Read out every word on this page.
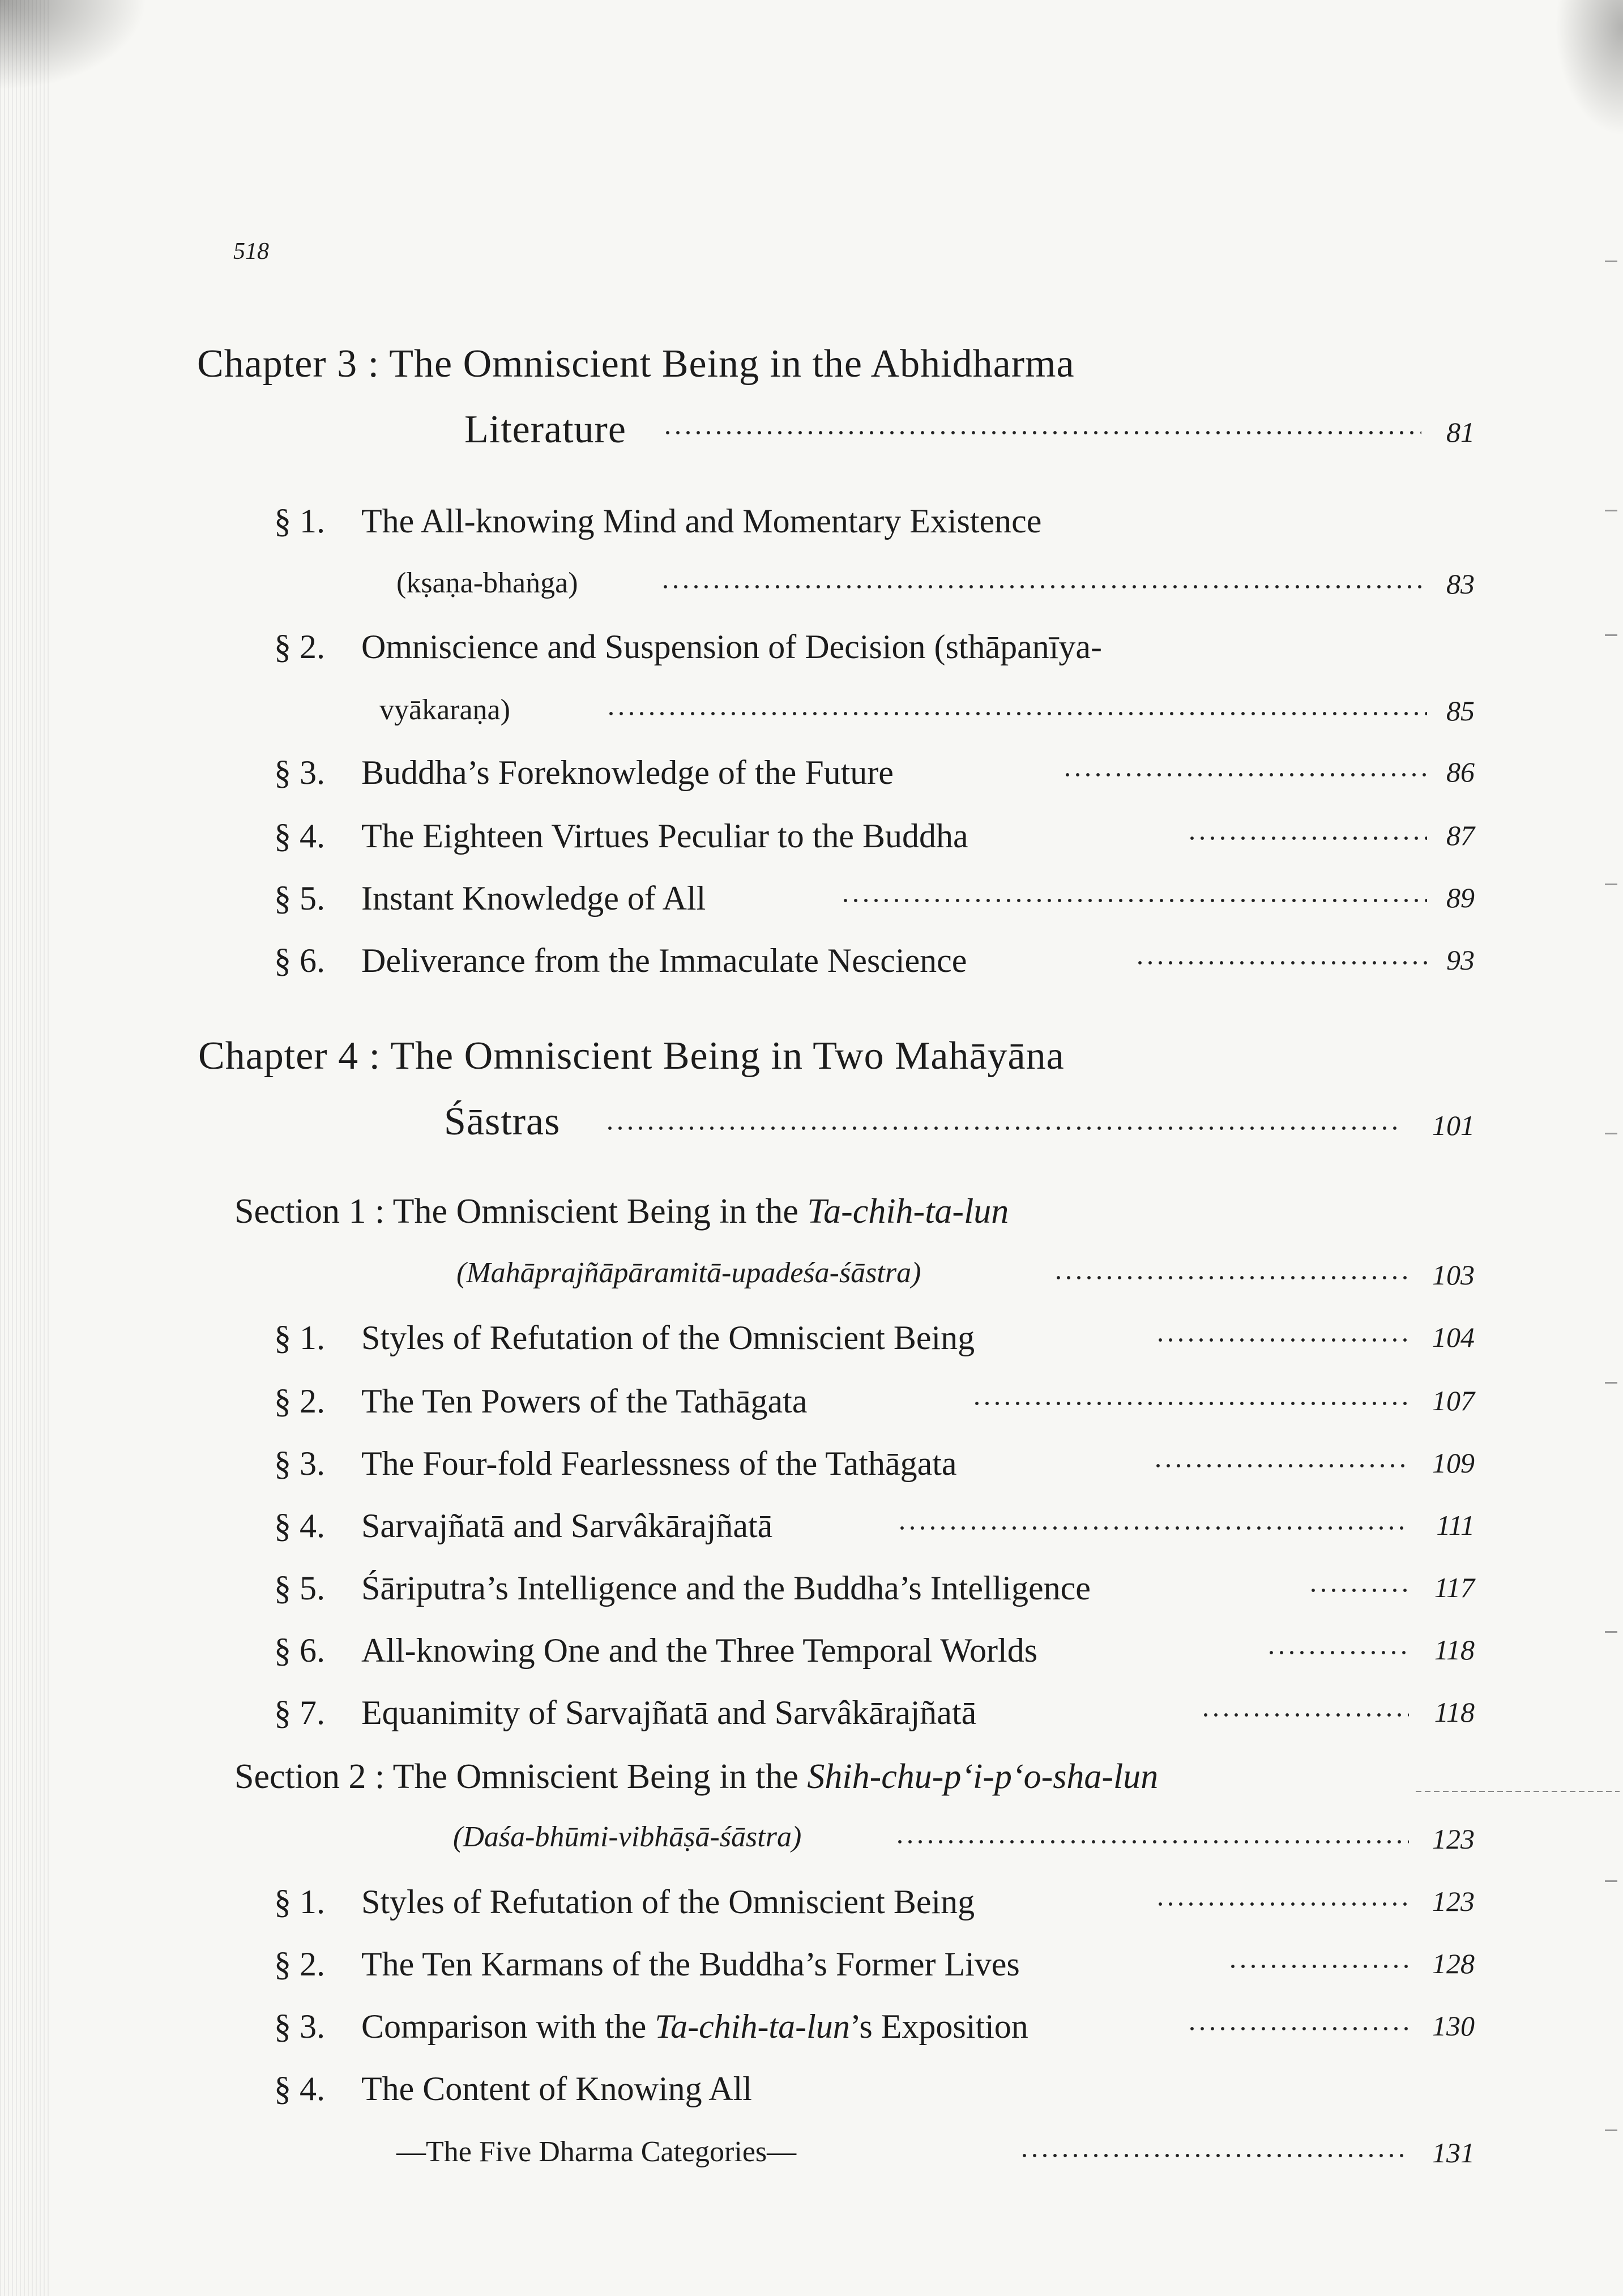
518
Chapter 3 : The Omniscient Being in the Abhidharma
Literature	81
§ 1. The All-knowing Mind and Momentary Existence
(kṣaṇa-bhaṅga)	83
§ 2. Omniscience and Suspension of Decision (sthāpanīya-
vyākaraṇa)	85
§ 3. Buddha’s Foreknowledge of the Future	86
§ 4. The Eighteen Virtues Peculiar to the Buddha	87
§ 5. Instant Knowledge of All	89
§ 6. Deliverance from the Immaculate Nescience	93
Chapter 4 : The Omniscient Being in Two Mahāyāna
Śāstras	101
Section 1 : The Omniscient Being in the Ta-chih-ta-lun
(Mahāprajñāpāramitā-upadeśa-śāstra)	103
§ 1. Styles of Refutation of the Omniscient Being	104
§ 2. The Ten Powers of the Tathāgata	107
§ 3. The Four-fold Fearlessness of the Tathāgata	109
§ 4. Sarvajñatā and Sarvâkārajñatā	111
§ 5. Śāriputra’s Intelligence and the Buddha’s Intelligence	117
§ 6. All-knowing One and the Three Temporal Worlds	118
§ 7. Equanimity of Sarvajñatā and Sarvâkārajñatā	118
Section 2 : The Omniscient Being in the Shih-chu-p‘i-p‘o-sha-lun
(Daśa-bhūmi-vibhāṣā-śāstra)	123
§ 1. Styles of Refutation of the Omniscient Being	123
§ 2. The Ten Karmans of the Buddha’s Former Lives	128
§ 3. Comparison with the Ta-chih-ta-lun’s Exposition	130
§ 4. The Content of Knowing All
—The Five Dharma Categories—	131
